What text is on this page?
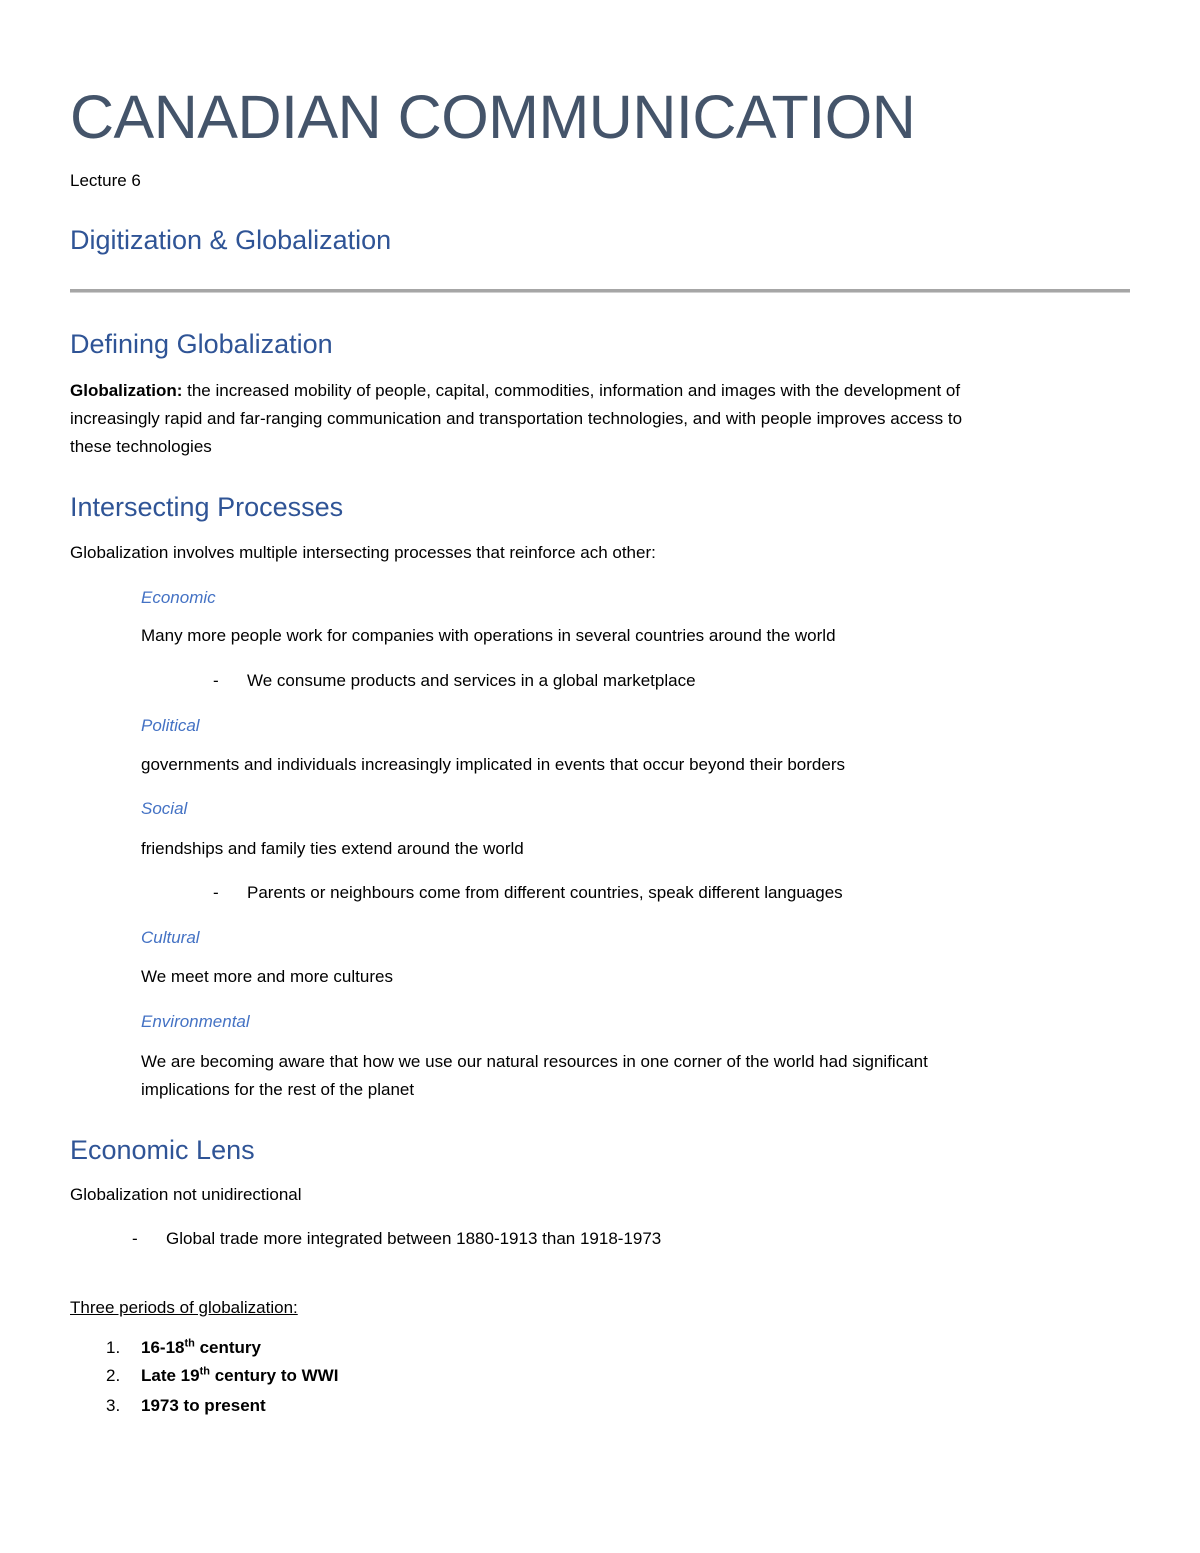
CANADIAN COMMUNICATION
Lecture 6
Digitization & Globalization
Defining Globalization
Globalization: the increased mobility of people, capital, commodities, information and images with the development of
increasingly rapid and far-ranging communication and transportation technologies, and with people improves access to
these technologies
Intersecting Processes
Globalization involves multiple intersecting processes that reinforce ach other:
Economic
Many more people work for companies with operations in several countries around the world
- We consume products and services in a global marketplace
Political
governments and individuals increasingly implicated in events that occur beyond their borders
Social
friendships and family ties extend around the world
- Parents or neighbours come from different countries, speak different languages
Cultural
We meet more and more cultures
Environmental
We are becoming aware that how we use our natural resources in one corner of the world had significant
implications for the rest of the planet
Economic Lens
Globalization not unidirectional
- Global trade more integrated between 1880-1913 than 1918-1973
Three periods of globalization:
1. 16-18th century
2. Late 19th century to WWI
3. 1973 to present
